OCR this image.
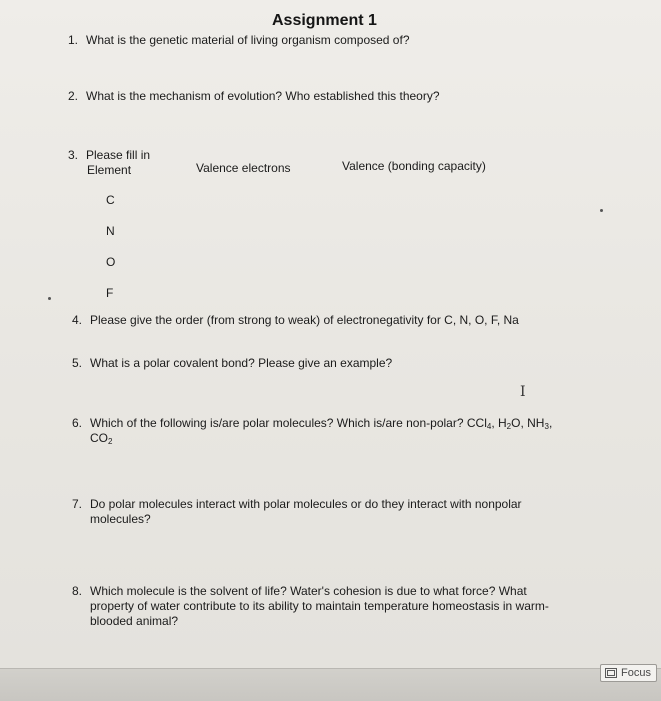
Assignment 1
1. What is the genetic material of living organism composed of?
2. What is the mechanism of evolution? Who established this theory?
3. Please fill in
Element	Valence electrons	Valence (bonding capacity)
C
N
O
F
4. Please give the order (from strong to weak) of electronegativity for C, N, O, F, Na
5. What is a polar covalent bond? Please give an example?
I
6. Which of the following is/are polar molecules? Which is/are non-polar? CCl$_4$, $H_2O$, $NH_3$,
$CO_2$
7. Do polar molecules interact with polar molecules or do they interact with nonpolar molecules?
8. Which molecule is the solvent of life? Water's cohesion is due to what force? What property of water contribute to its ability to maintain temperature homeostasis in warm-blooded animal?
Focus
